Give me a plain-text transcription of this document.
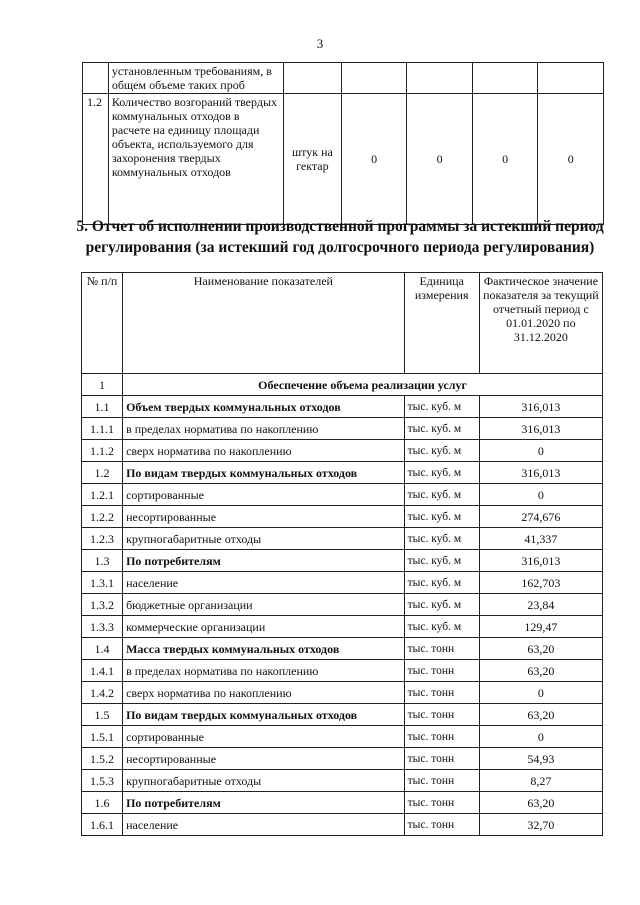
3
	установленным требованиям, в общем объеме таких проб					
1.2	Количество возгораний твердых коммунальных отходов в расчете на единицу площади объекта, используемого для захоронения твердых коммунальных отходов	штук на гектар	0	0	0	0
5. Отчет об исполнении производственной программы за истекший период регулирования (за истекший год долгосрочного периода регулирования)
№ п/п	Наименование показателей	Единица измерения	Фактическое значение показателя за текущий отчетный период с 01.01.2020 по 31.12.2020
1	Обеспечение объема реализации услуг		
1.1	Объем твердых коммунальных отходов	тыс. куб. м	316,013
1.1.1	в пределах норматива по накоплению	тыс. куб. м	316,013
1.1.2	сверх норматива по накоплению	тыс. куб. м	0
1.2	По видам твердых коммунальных отходов	тыс. куб. м	316,013
1.2.1	сортированные	тыс. куб. м	0
1.2.2	несортированные	тыс. куб. м	274,676
1.2.3	крупногабаритные отходы	тыс. куб. м	41,337
1.3	По потребителям	тыс. куб. м	316,013
1.3.1	население	тыс. куб. м	162,703
1.3.2	бюджетные организации	тыс. куб. м	23,84
1.3.3	коммерческие организации	тыс. куб. м	129,47
1.4	Масса твердых коммунальных отходов	тыс. тонн	63,20
1.4.1	в пределах норматива по накоплению	тыс. тонн	63,20
1.4.2	сверх норматива по накоплению	тыс. тонн	0
1.5	По видам твердых коммунальных отходов	тыс. тонн	63,20
1.5.1	сортированные	тыс. тонн	0
1.5.2	несортированные	тыс. тонн	54,93
1.5.3	крупногабаритные отходы	тыс. тонн	8,27
1.6	По потребителям	тыс. тонн	63,20
1.6.1	население	тыс. тонн	32,70
